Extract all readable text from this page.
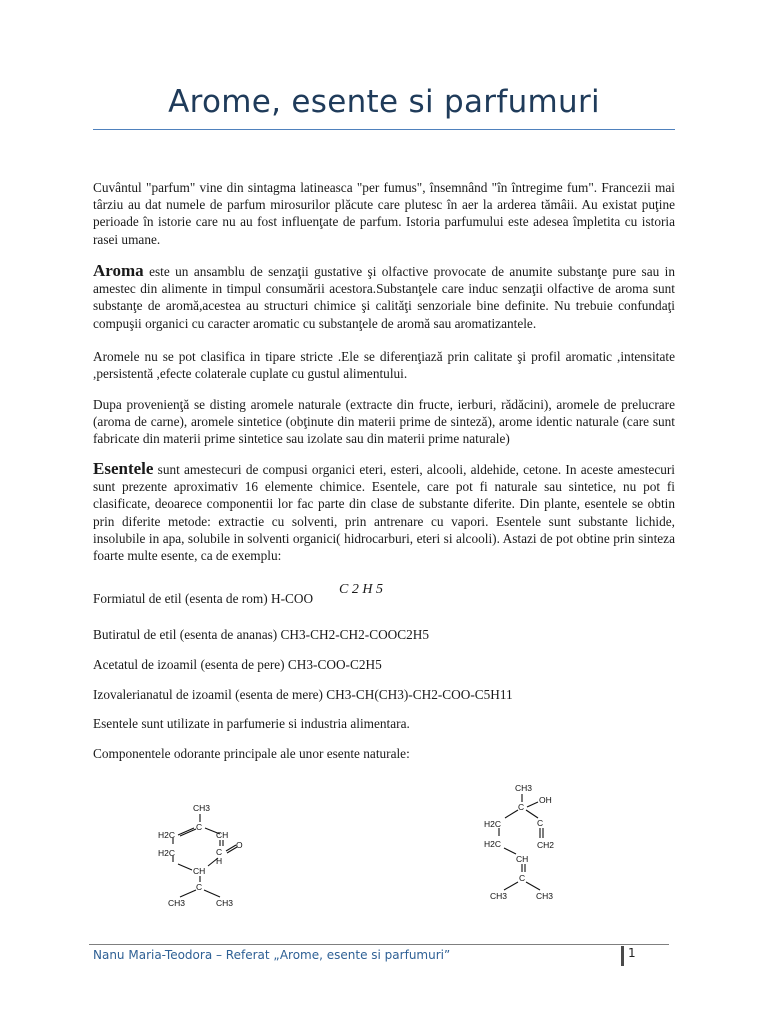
Arome, esente si parfumuri

Cuvântul "parfum" vine din sintagma latineasca "per fumus", însemnând "în întregime fum". Francezii mai târziu au dat numele de parfum mirosurilor plăcute care plutesc în aer la arderea tămâii. Au existat puţine perioade în istorie care nu au fost influenţate de parfum. Istoria parfumului este adesea împletita cu istoria rasei umane.

Aroma este un ansamblu de senzaţii gustative şi olfactive provocate de anumite substanţe pure sau in amestec din alimente in timpul consumării acestora.Substanţele care induc senzaţii olfactive de aroma sunt substanţe de aromă,acestea au structuri chimice şi calităţi senzoriale bine definite. Nu trebuie confundaţi compuşii organici cu caracter aromatic cu substanţele de aromă sau aromatizantele.

Aromele nu se pot clasifica in tipare stricte .Ele se diferenţiază prin calitate şi profil aromatic ,intensitate ,persistentă ,efecte colaterale cuplate cu gustul alimentului.

Dupa provenienţă se disting aromele naturale (extracte din fructe, ierburi, rădăcini), aromele de prelucrare (aroma de carne), aromele sintetice (obţinute din materii prime de sinteză), arome identic naturale (care sunt fabricate din materii prime sintetice sau izolate sau din materii prime naturale)

Esentele sunt amestecuri de compusi organici eteri, esteri, alcooli, aldehide, cetone. In aceste amestecuri sunt prezente aproximativ 16 elemente chimice. Esentele, care pot fi naturale sau sintetice, nu pot fi clasificate, deoarece componentii lor fac parte din clase de substante diferite. Din plante, esentele se obtin prin diferite metode: extractie cu solventi, prin antrenare cu vapori. Esentele sunt substante lichide, insolubile in apa, solubile in solventi organici( hidrocarburi, eteri si alcooli). Astazi de pot obtine prin sinteza foarte multe esente, ca de exemplu:

Formiatul de etil (esenta de rom) H-COO

C 2 H 5

Butiratul de etil (esenta de ananas) CH3-CH2-CH2-COOC2H5

Acetatul de izoamil (esenta de pere) CH3-COO-C2H5

Izovalerianatul de izoamil (esenta de mere) CH3-CH(CH3)-CH2-COO-C5H11

Esentele sunt utilizate in parfumerie si industria alimentara.

Componentele odorante principale ale unor esente naturale:

CH3
C
CH
H2C
C
O
H2C
CH
H
C
CH3	CH3
CH3
OH
C
H2C	C
H2C	CH2
CH
C
CH3	CH3
Nanu Maria-Teodora – Referat „Arome, esente si parfumuri”	1
